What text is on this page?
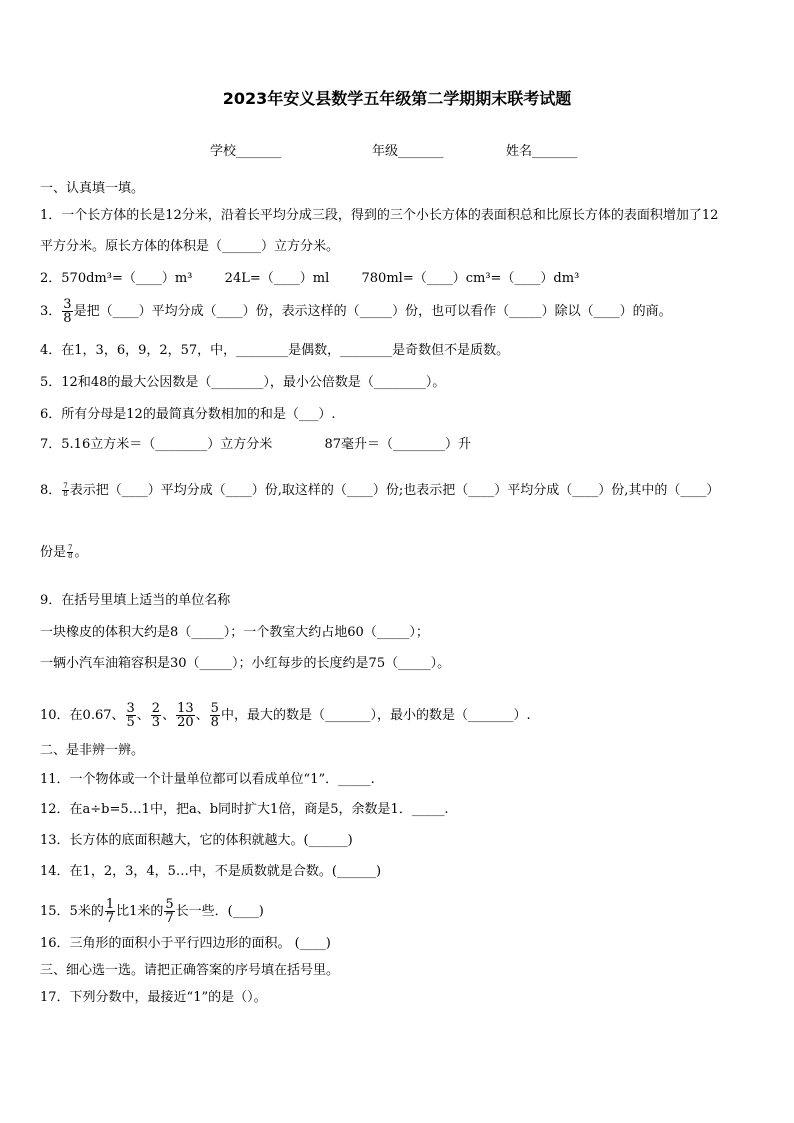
2023年安义县数学五年级第二学期期末联考试题
学校_______	年级_______	姓名_______
一、认真填一填。
1．一个长方体的长是12分米，沿着长平均分成三段，得到的三个小长方体的表面积总和比原长方体的表面积增加了12
平方分米。原长方体的体积是（______）立方分米。
2．570dm³=（____）m³ 24L=（____）ml 780ml=（____）cm³=（____）dm³
3． $\frac{3}{8}$ 是把（____）平均分成（____）份，表示这样的（_____）份，也可以看作（_____）除以（____）的商。
4．在1，3，6，9，2，57，中，________是偶数，________是奇数但不是质数。
5．12和48的最大公因数是（________），最小公倍数是（________）。
6．所有分母是12的最简真分数相加的和是（___）.
7．5.16立方米＝（________）立方分米	87毫升＝（________）升
8． $\frac{7}{8}$ 表示把（____）平均分成（____）份,取这样的（____）份;也表示把（____）平均分成（____）份,其中的（____）
份是 $\frac{7}{8}$ 。
9．在括号里填上适当的单位名称
一块橡皮的体积大约是8（_____）；一个教室大约占地60（_____）；
一辆小汽车油箱容积是30（_____）；小红每步的长度约是75（_____）。
10．在0.67、 $\frac{3}{5}$ 、 $\frac{2}{3}$ 、 $\frac{13}{20}$ 、 $\frac{5}{8}$ 中，最大的数是（_______），最小的数是（_______）.
二、是非辨一辨。
11．一个物体或一个计量单位都可以看成单位“1”．_____.
12．在a÷b=5…1中，把a、b同时扩大1倍，商是5，余数是1．_____.
13．长方体的底面积越大，它的体积就越大。(______)
14．在1，2，3，4，5…中，不是质数就是合数。(______)
15．5米的 $\frac{1}{7}$ 比1米的 $\frac{5}{7}$ 长一些．(____)
16．三角形的面积小于平行四边形的面积。 (____)
三、细心选一选。请把正确答案的序号填在括号里。
17．下列分数中，最接近“1”的是（）。
